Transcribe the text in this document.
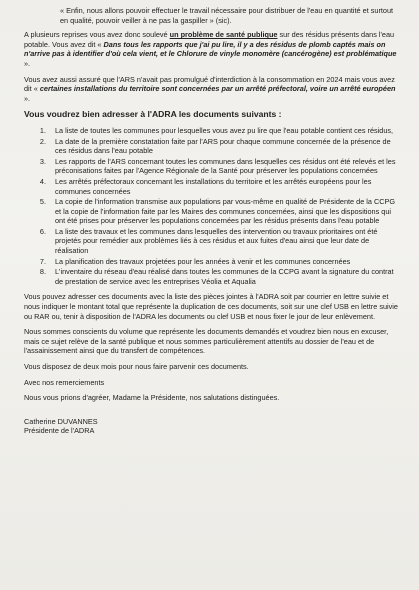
« Enfin, nous allons pouvoir effectuer le travail nécessaire pour distribuer de l'eau en quantité et surtout en qualité, pouvoir veiller à ne pas la gaspiller » (sic).

A plusieurs reprises vous avez donc soulevé un problème de santé publique sur des résidus présents dans l'eau potable. Vous avez dit « Dans tous les rapports que j'ai pu lire, il y a des résidus de plomb captés mais on n'arrive pas à identifier d'où cela vient, et le Chlorure de vinyle monomère (cancérogène) est problématique ».

Vous avez aussi assuré que l'ARS n'avait pas promulgué d'interdiction à la consommation en 2024 mais vous avez dit « certaines installations du territoire sont concernées par un arrêté préfectoral, voire un arrêté européen ».

Vous voudrez bien adresser à l'ADRA les documents suivants :
1.	La liste de toutes les communes pour lesquelles vous avez pu lire que l'eau potable contient ces résidus,
2.	La date de la première constatation faite par l'ARS pour chaque commune concernée de la présence de ces résidus dans l'eau potable
3.	Les rapports de l'ARS concernant toutes les communes dans lesquelles ces résidus ont été relevés et les préconisations faites par l'Agence Régionale de la Santé pour préserver les populations concernées
4.	Les arrêtés préfectoraux concernant les installations du territoire et les arrêtés européens pour les communes concernées
5.	La copie de l'information transmise aux populations par vous-même en qualité de Présidente de la CCPG et la copie de l'information faite par les Maires des communes concernées, ainsi que les dispositions qui ont été prises pour préserver les populations concernées par les résidus présents dans l'eau potable
6.	La liste des travaux et les communes dans lesquelles des intervention ou travaux prioritaires ont été projetés pour remédier aux problèmes liés à ces résidus et aux fuites d'eau ainsi que leur date de réalisation
7.	La planification des travaux projetées pour les années à venir et les communes concernées
8.	L'inventaire du réseau d'eau réalisé dans toutes les communes de la CCPG avant la signature du contrat de prestation de service avec les entreprises Véolia et Aqualia

Vous pouvez adresser ces documents avec la liste des pièces jointes à l'ADRA soit par courrier en lettre suivie et nous indiquer le montant total que représente la duplication de ces documents, soit sur une clef USB en lettre suivie ou RAR ou, tenir à disposition de l'ADRA les documents ou clef USB et nous fixer le jour de leur enlèvement.

Nous sommes conscients du volume que représente les documents demandés et voudrez bien nous en excuser, mais ce sujet relève de la santé publique et nous sommes particulièrement attentifs au dossier de l'eau et de l'assainissement ainsi que du transfert de compétences.

Vous disposez de deux mois pour nous faire parvenir ces documents.

Avec nos remerciements

Nous vous prions d'agréer, Madame la Présidente, nos salutations distinguées.

Catherine DUVANNES
Présidente de l'ADRA
